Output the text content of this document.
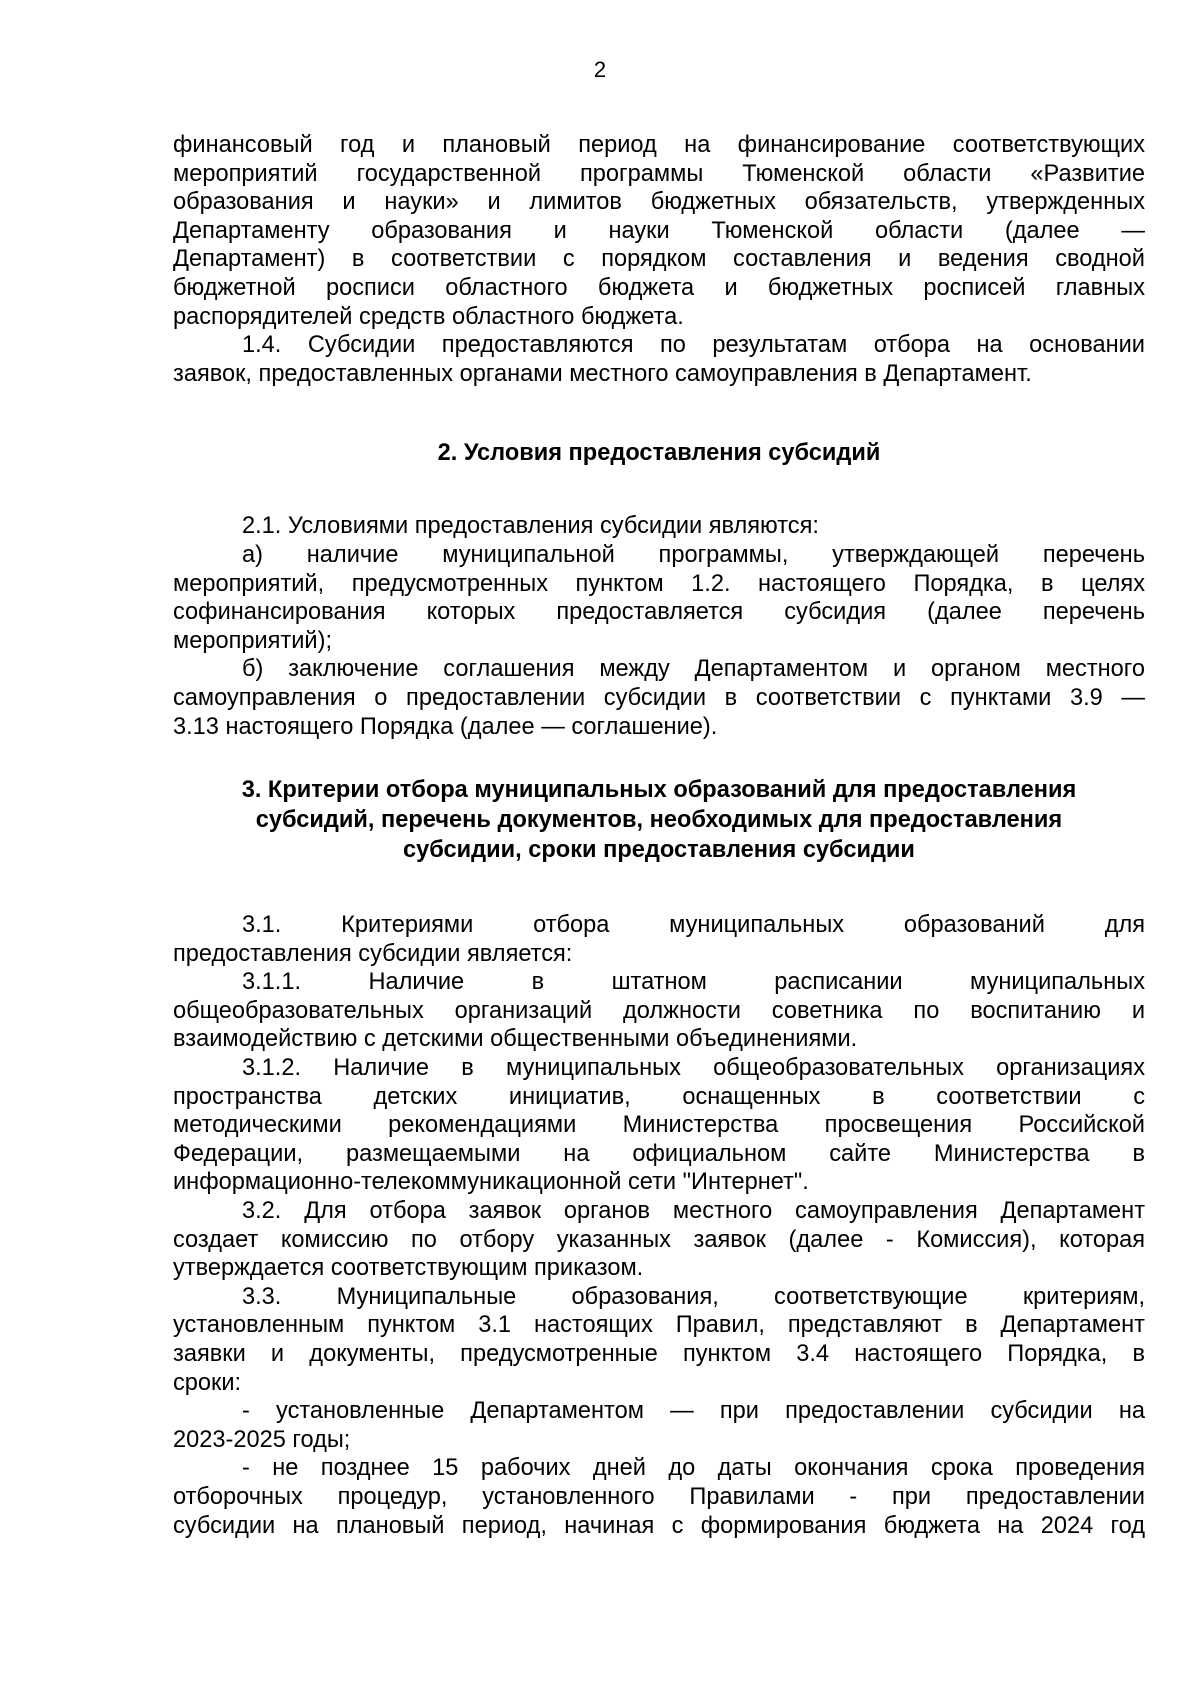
2

финансовый год и плановый период на финансирование соответствующих

мероприятий государственной программы Тюменской области «Развитие

образования и науки» и лимитов бюджетных обязательств, утвержденных

Департаменту образования и науки Тюменской области (далее —

Департамент) в соответствии с порядком составления и ведения сводной

бюджетной росписи областного бюджета и бюджетных росписей главных

распорядителей средств областного бюджета.

1.4. Субсидии предоставляются по результатам отбора на основании

заявок, предоставленных органами местного самоуправления в Департамент.

2. Условия предоставления субсидий

2.1. Условиями предоставления субсидии являются:

а) наличие муниципальной программы, утверждающей перечень

мероприятий, предусмотренных пунктом 1.2. настоящего Порядка, в целях

софинансирования которых предоставляется субсидия (далее перечень

мероприятий);

б) заключение соглашения между Департаментом и органом местного

самоуправления о предоставлении субсидии в соответствии с пунктами 3.9 —

3.13 настоящего Порядка (далее — соглашение).

3. Критерии отбора муниципальных образований для предоставления
субсидий, перечень документов, необходимых для предоставления
субсидии, сроки предоставления субсидии

3.1. Критериями отбора муниципальных образований для

предоставления субсидии является:

3.1.1. Наличие в штатном расписании муниципальных

общеобразовательных организаций должности советника по воспитанию и

взаимодействию с детскими общественными объединениями.

3.1.2. Наличие в муниципальных общеобразовательных организациях

пространства детских инициатив, оснащенных в соответствии с

методическими рекомендациями Министерства просвещения Российской

Федерации, размещаемыми на официальном сайте Министерства в

информационно-телекоммуникационной сети "Интернет".

3.2. Для отбора заявок органов местного самоуправления Департамент

создает комиссию по отбору указанных заявок (далее - Комиссия), которая

утверждается соответствующим приказом.

3.3. Муниципальные образования, соответствующие критериям,

установленным пунктом 3.1 настоящих Правил, представляют в Департамент

заявки и документы, предусмотренные пунктом 3.4 настоящего Порядка, в

сроки:

- установленные Департаментом — при предоставлении субсидии на

2023-2025 годы;

- не позднее 15 рабочих дней до даты окончания срока проведения

отборочных процедур, установленного Правилами - при предоставлении

субсидии на плановый период, начиная с формирования бюджета на 2024 год
